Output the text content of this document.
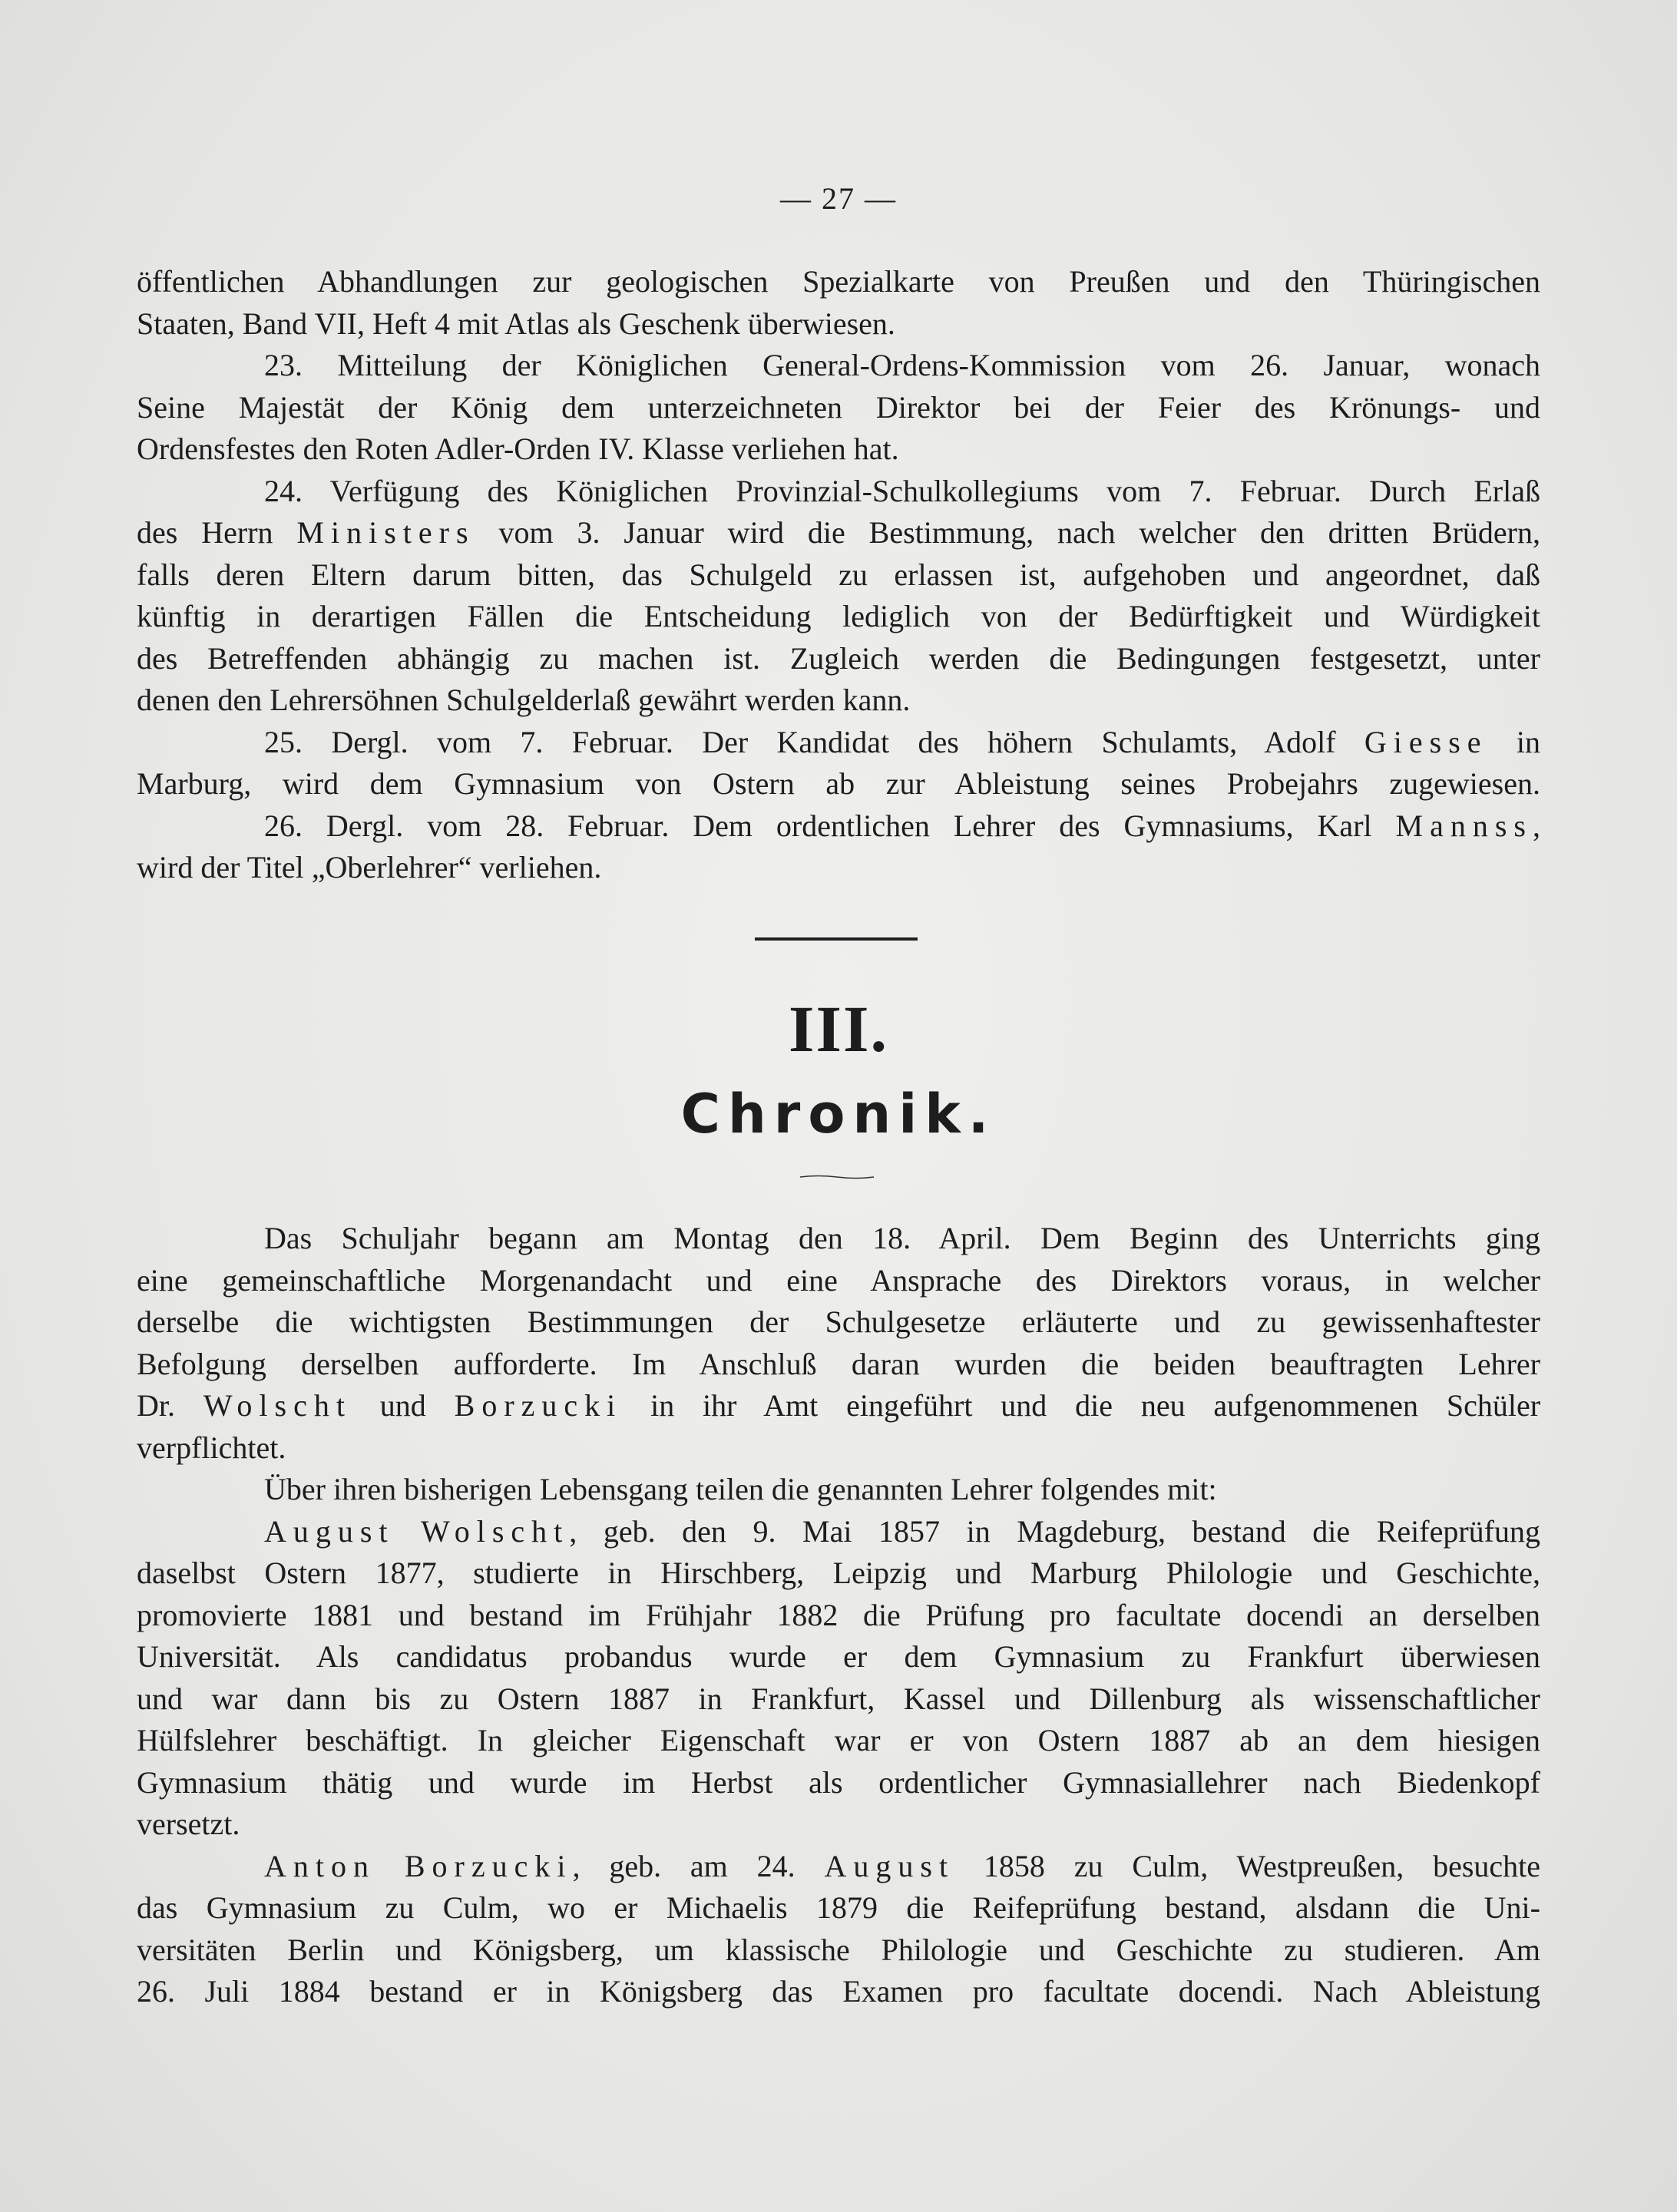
— 27 —
öffentlichen Abhandlungen zur geologischen Spezialkarte von Preußen und den Thüringischen
Staaten, Band VII, Heft 4 mit Atlas als Geschenk überwiesen.
23. Mitteilung der Königlichen General-Ordens-Kommission vom 26. Januar, wonach
Seine Majestät der König dem unterzeichneten Direktor bei der Feier des Krönungs- und
Ordensfestes den Roten Adler-Orden IV. Klasse verliehen hat.
24. Verfügung des Königlichen Provinzial-Schulkollegiums vom 7. Februar. Durch Erlaß
des Herrn Ministers vom 3. Januar wird die Bestimmung, nach welcher den dritten Brüdern,
falls deren Eltern darum bitten, das Schulgeld zu erlassen ist, aufgehoben und angeordnet, daß
künftig in derartigen Fällen die Entscheidung lediglich von der Bedürftigkeit und Würdigkeit
des Betreffenden abhängig zu machen ist. Zugleich werden die Bedingungen festgesetzt, unter
denen den Lehrersöhnen Schulgelderlaß gewährt werden kann.
25. Dergl. vom 7. Februar. Der Kandidat des höhern Schulamts, Adolf Giesse in
Marburg, wird dem Gymnasium von Ostern ab zur Ableistung seines Probejahrs zugewiesen.
26. Dergl. vom 28. Februar. Dem ordentlichen Lehrer des Gymnasiums, Karl Mannss,
wird der Titel „Oberlehrer“ verliehen.
III.
Chronik.
Das Schuljahr begann am Montag den 18. April. Dem Beginn des Unterrichts ging
eine gemeinschaftliche Morgenandacht und eine Ansprache des Direktors voraus, in welcher
derselbe die wichtigsten Bestimmungen der Schulgesetze erläuterte und zu gewissenhaftester
Befolgung derselben aufforderte. Im Anschluß daran wurden die beiden beauftragten Lehrer
Dr. Wolscht und Borzucki in ihr Amt eingeführt und die neu aufgenommenen Schüler
verpflichtet.
Über ihren bisherigen Lebensgang teilen die genannten Lehrer folgendes mit:
August Wolscht, geb. den 9. Mai 1857 in Magdeburg, bestand die Reifeprüfung
daselbst Ostern 1877, studierte in Hirschberg, Leipzig und Marburg Philologie und Geschichte,
promovierte 1881 und bestand im Frühjahr 1882 die Prüfung pro facultate docendi an derselben
Universität. Als candidatus probandus wurde er dem Gymnasium zu Frankfurt überwiesen
und war dann bis zu Ostern 1887 in Frankfurt, Kassel und Dillenburg als wissenschaftlicher
Hülfslehrer beschäftigt. In gleicher Eigenschaft war er von Ostern 1887 ab an dem hiesigen
Gymnasium thätig und wurde im Herbst als ordentlicher Gymnasiallehrer nach Biedenkopf
versetzt.
Anton Borzucki, geb. am 24. August 1858 zu Culm, Westpreußen, besuchte
das Gymnasium zu Culm, wo er Michaelis 1879 die Reifeprüfung bestand, alsdann die Uni-
versitäten Berlin und Königsberg, um klassische Philologie und Geschichte zu studieren. Am
26. Juli 1884 bestand er in Königsberg das Examen pro facultate docendi. Nach Ableistung
